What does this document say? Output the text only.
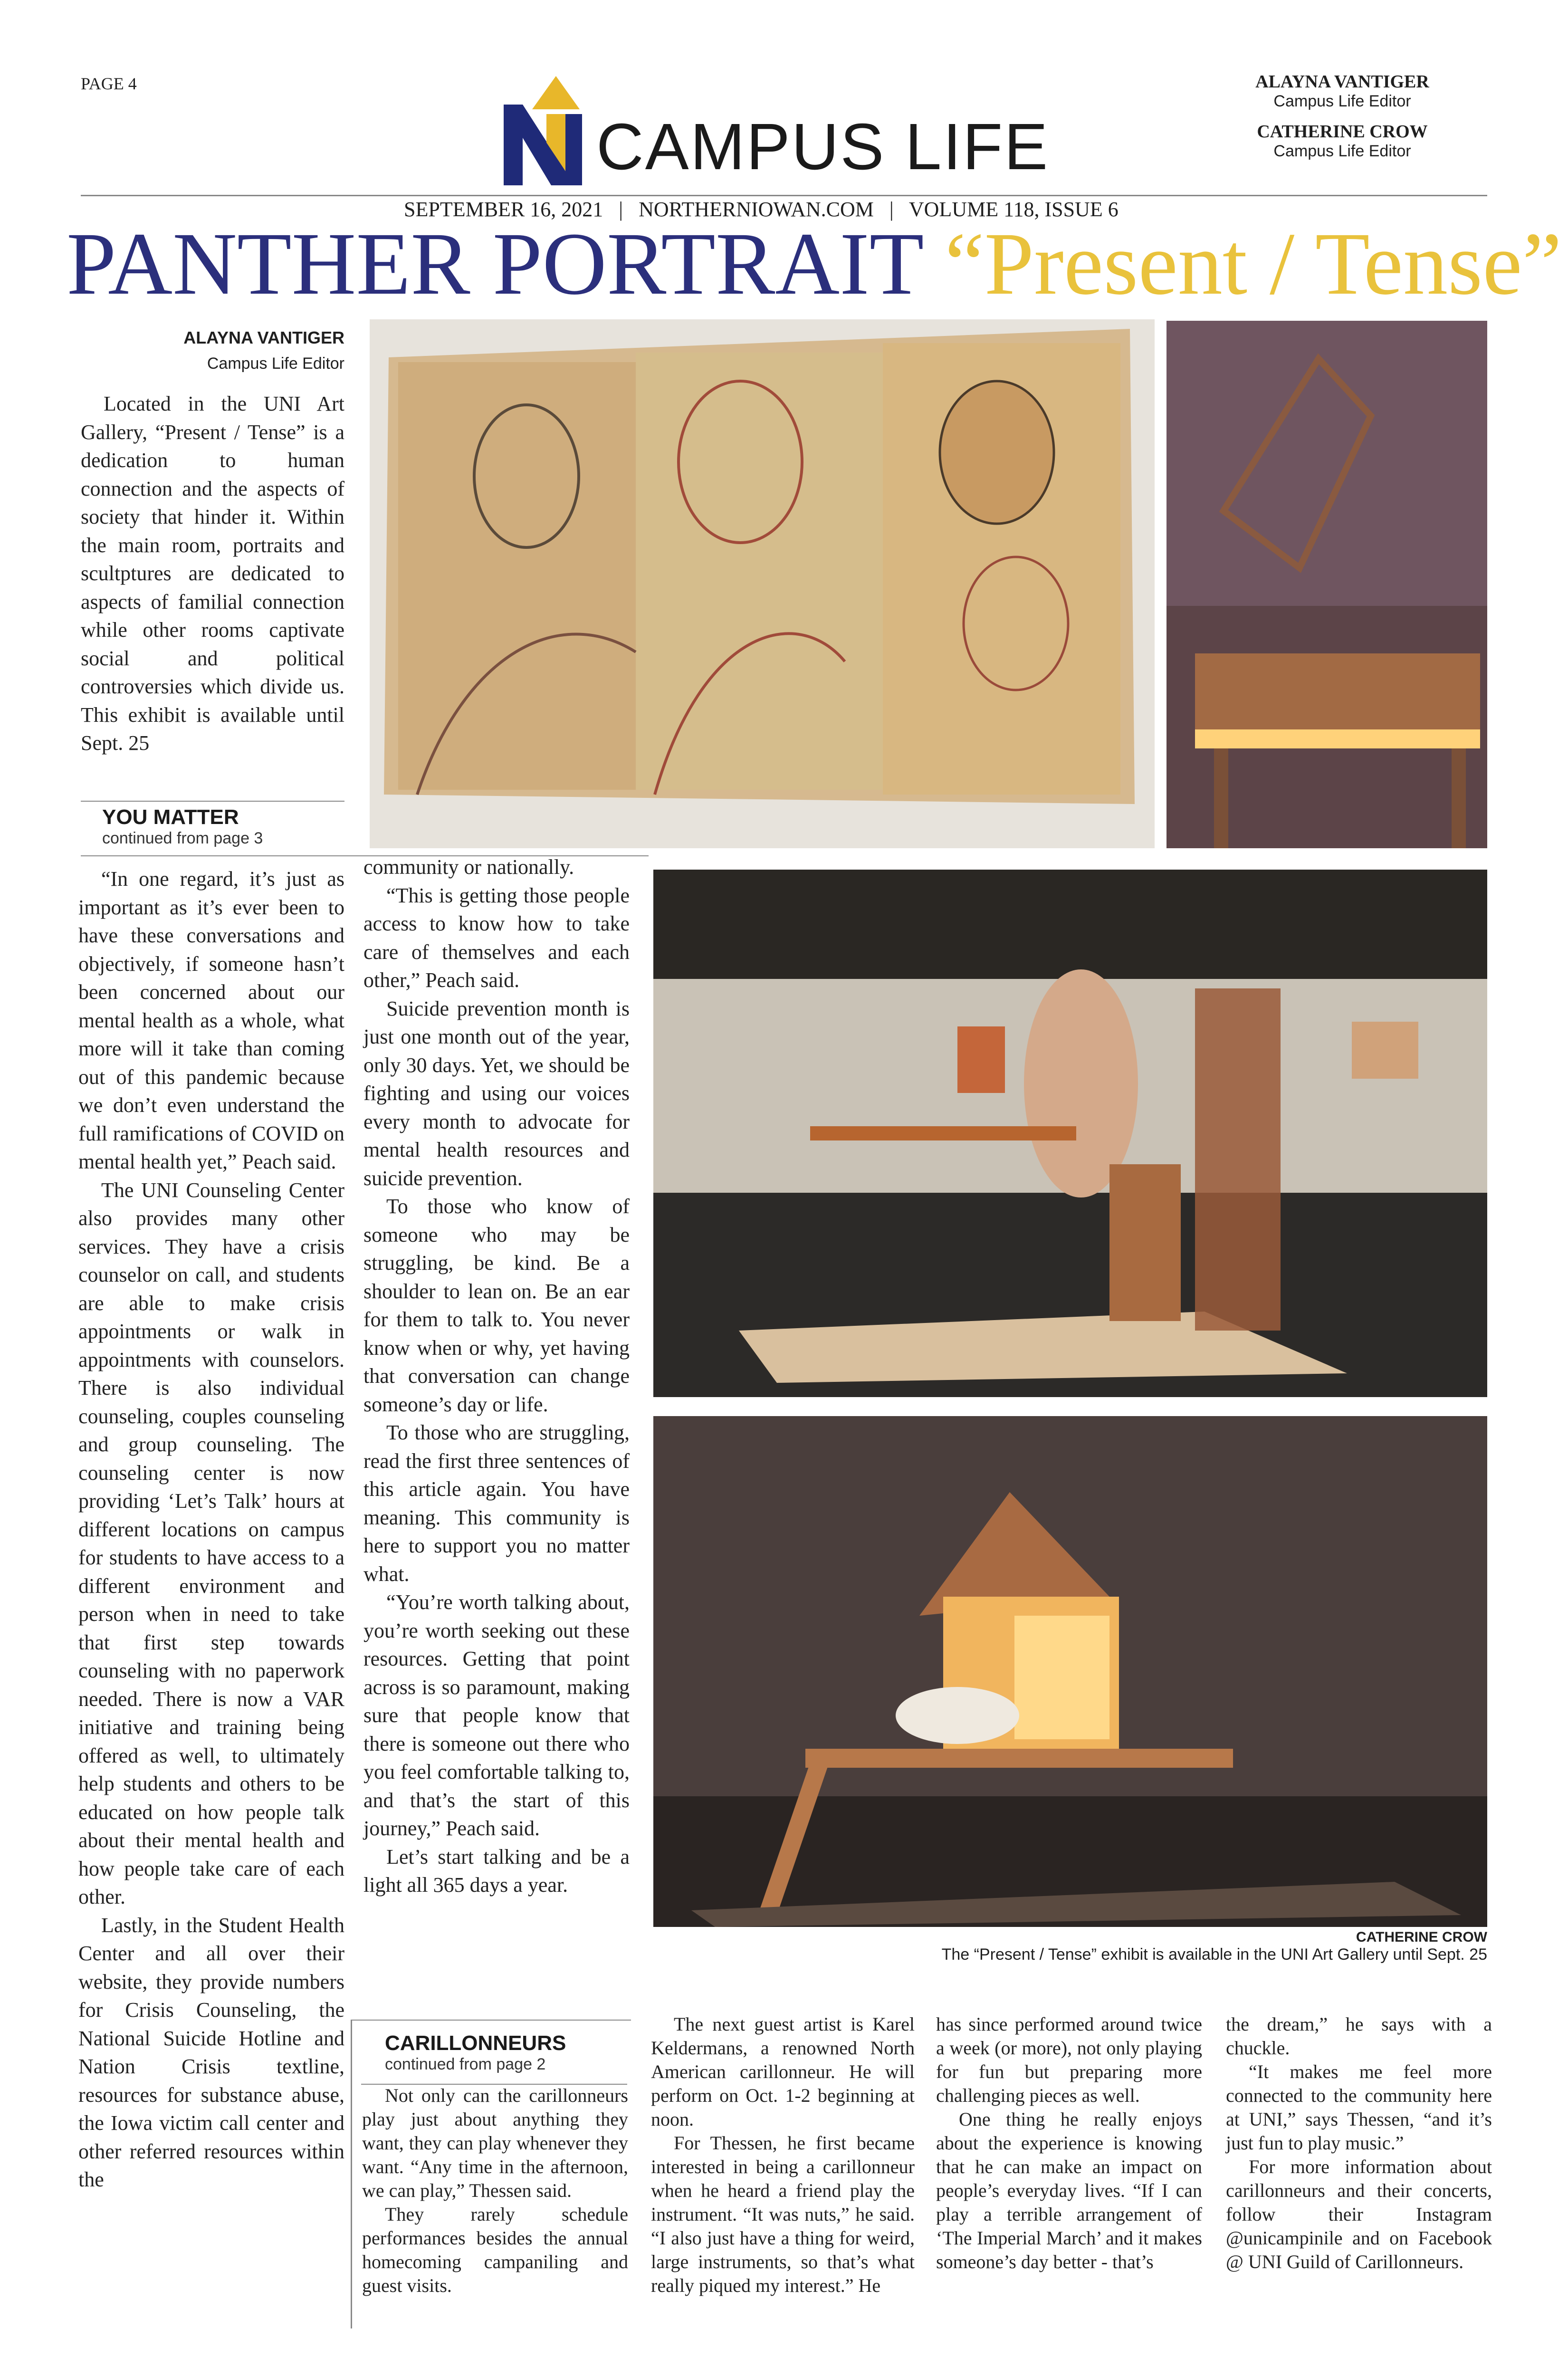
PAGE 4
CAMPUS LIFE
ALAYNA VANTIGER
Campus Life Editor
CATHERINE CROW
Campus Life Editor
SEPTEMBER 16, 2021   |   NORTHERNIOWAN.COM   |   VOLUME 118, ISSUE 6
PANTHER PORTRAIT “Present / Tense”
ALAYNA VANTIGER
Campus Life Editor

Located in the UNI Art Gallery, “Present / Tense” is a dedication to human connection and the aspects of society that hinder it. Within the main room, portraits and scultptures are dedicated to aspects of familial connection while other rooms captivate social and political controversies which divide us. This exhibit is available until Sept. 25

CATHERINE CROW
The “Present / Tense” exhibit is available in the UNI Art Gallery until Sept. 25
YOU MATTER
continued from page 3

“In one regard, it’s just as important as it’s ever been to have these conversations and objectively, if someone hasn’t been concerned about our mental health as a whole, what more will it take than coming out of this pandemic because we don’t even understand the full ramifications of COVID on mental health yet,” Peach said.

The UNI Counseling Center also provides many other services. They have a crisis counselor on call, and students are able to make crisis appointments or walk in appointments with counselors. There is also individual counseling, couples counseling and group counseling. The counseling center is now providing ‘Let’s Talk’ hours at different locations on campus for students to have access to a different environment and person when in need to take that first step towards counseling with no paperwork needed. There is now a VAR initiative and training being offered as well, to ultimately help students and others to be educated on how people talk about their mental health and how people take care of each other.

Lastly, in the Student Health Center and all over their website, they provide numbers for Crisis Counseling, the National Suicide Hotline and Nation Crisis textline, resources for substance abuse, the Iowa victim call center and other referred resources within the

community or nationally.

“This is getting those people access to know how to take care of themselves and each other,” Peach said.

Suicide prevention month is just one month out of the year, only 30 days. Yet, we should be fighting and using our voices every month to advocate for mental health resources and suicide prevention.

To those who know of someone who may be struggling, be kind. Be a shoulder to lean on. Be an ear for them to talk to. You never know when or why, yet having that conversation can change someone’s day or life.

To those who are struggling, read the first three sentences of this article again. You have meaning. This community is here to support you no matter what.

“You’re worth talking about, you’re worth seeking out these resources. Getting that point across is so paramount, making sure that people know that there is someone out there who you feel comfortable talking to, and that’s the start of this journey,” Peach said.

Let’s start talking and be a light all 365 days a year.

CARILLONNEURS
continued from page 2

Not only can the carillonneurs play just about anything they want, they can play whenever they want. “Any time in the afternoon, we can play,” Thessen said.

They rarely schedule performances besides the annual homecoming campaniling and guest visits.

The next guest artist is Karel Keldermans, a renowned North American carillonneur. He will perform on Oct. 1-2 beginning at noon.

For Thessen, he first became interested in being a carillonneur when he heard a friend play the instrument. “It was nuts,” he said. “I also just have a thing for weird, large instruments, so that’s what really piqued my interest.” He

has since performed around twice a week (or more), not only playing for fun but preparing more challenging pieces as well.

One thing he really enjoys about the experience is knowing that he can make an impact on people’s everyday lives. “If I can play a terrible arrangement of ‘The Imperial March’ and it makes someone’s day better - that’s

the dream,” he says with a chuckle.

“It makes me feel more connected to the community here at UNI,” says Thessen, “and it’s just fun to play music.”

For more information about carillonneurs and their concerts, follow their Instagram @unicampinile and on Facebook @ UNI Guild of Carillonneurs.
